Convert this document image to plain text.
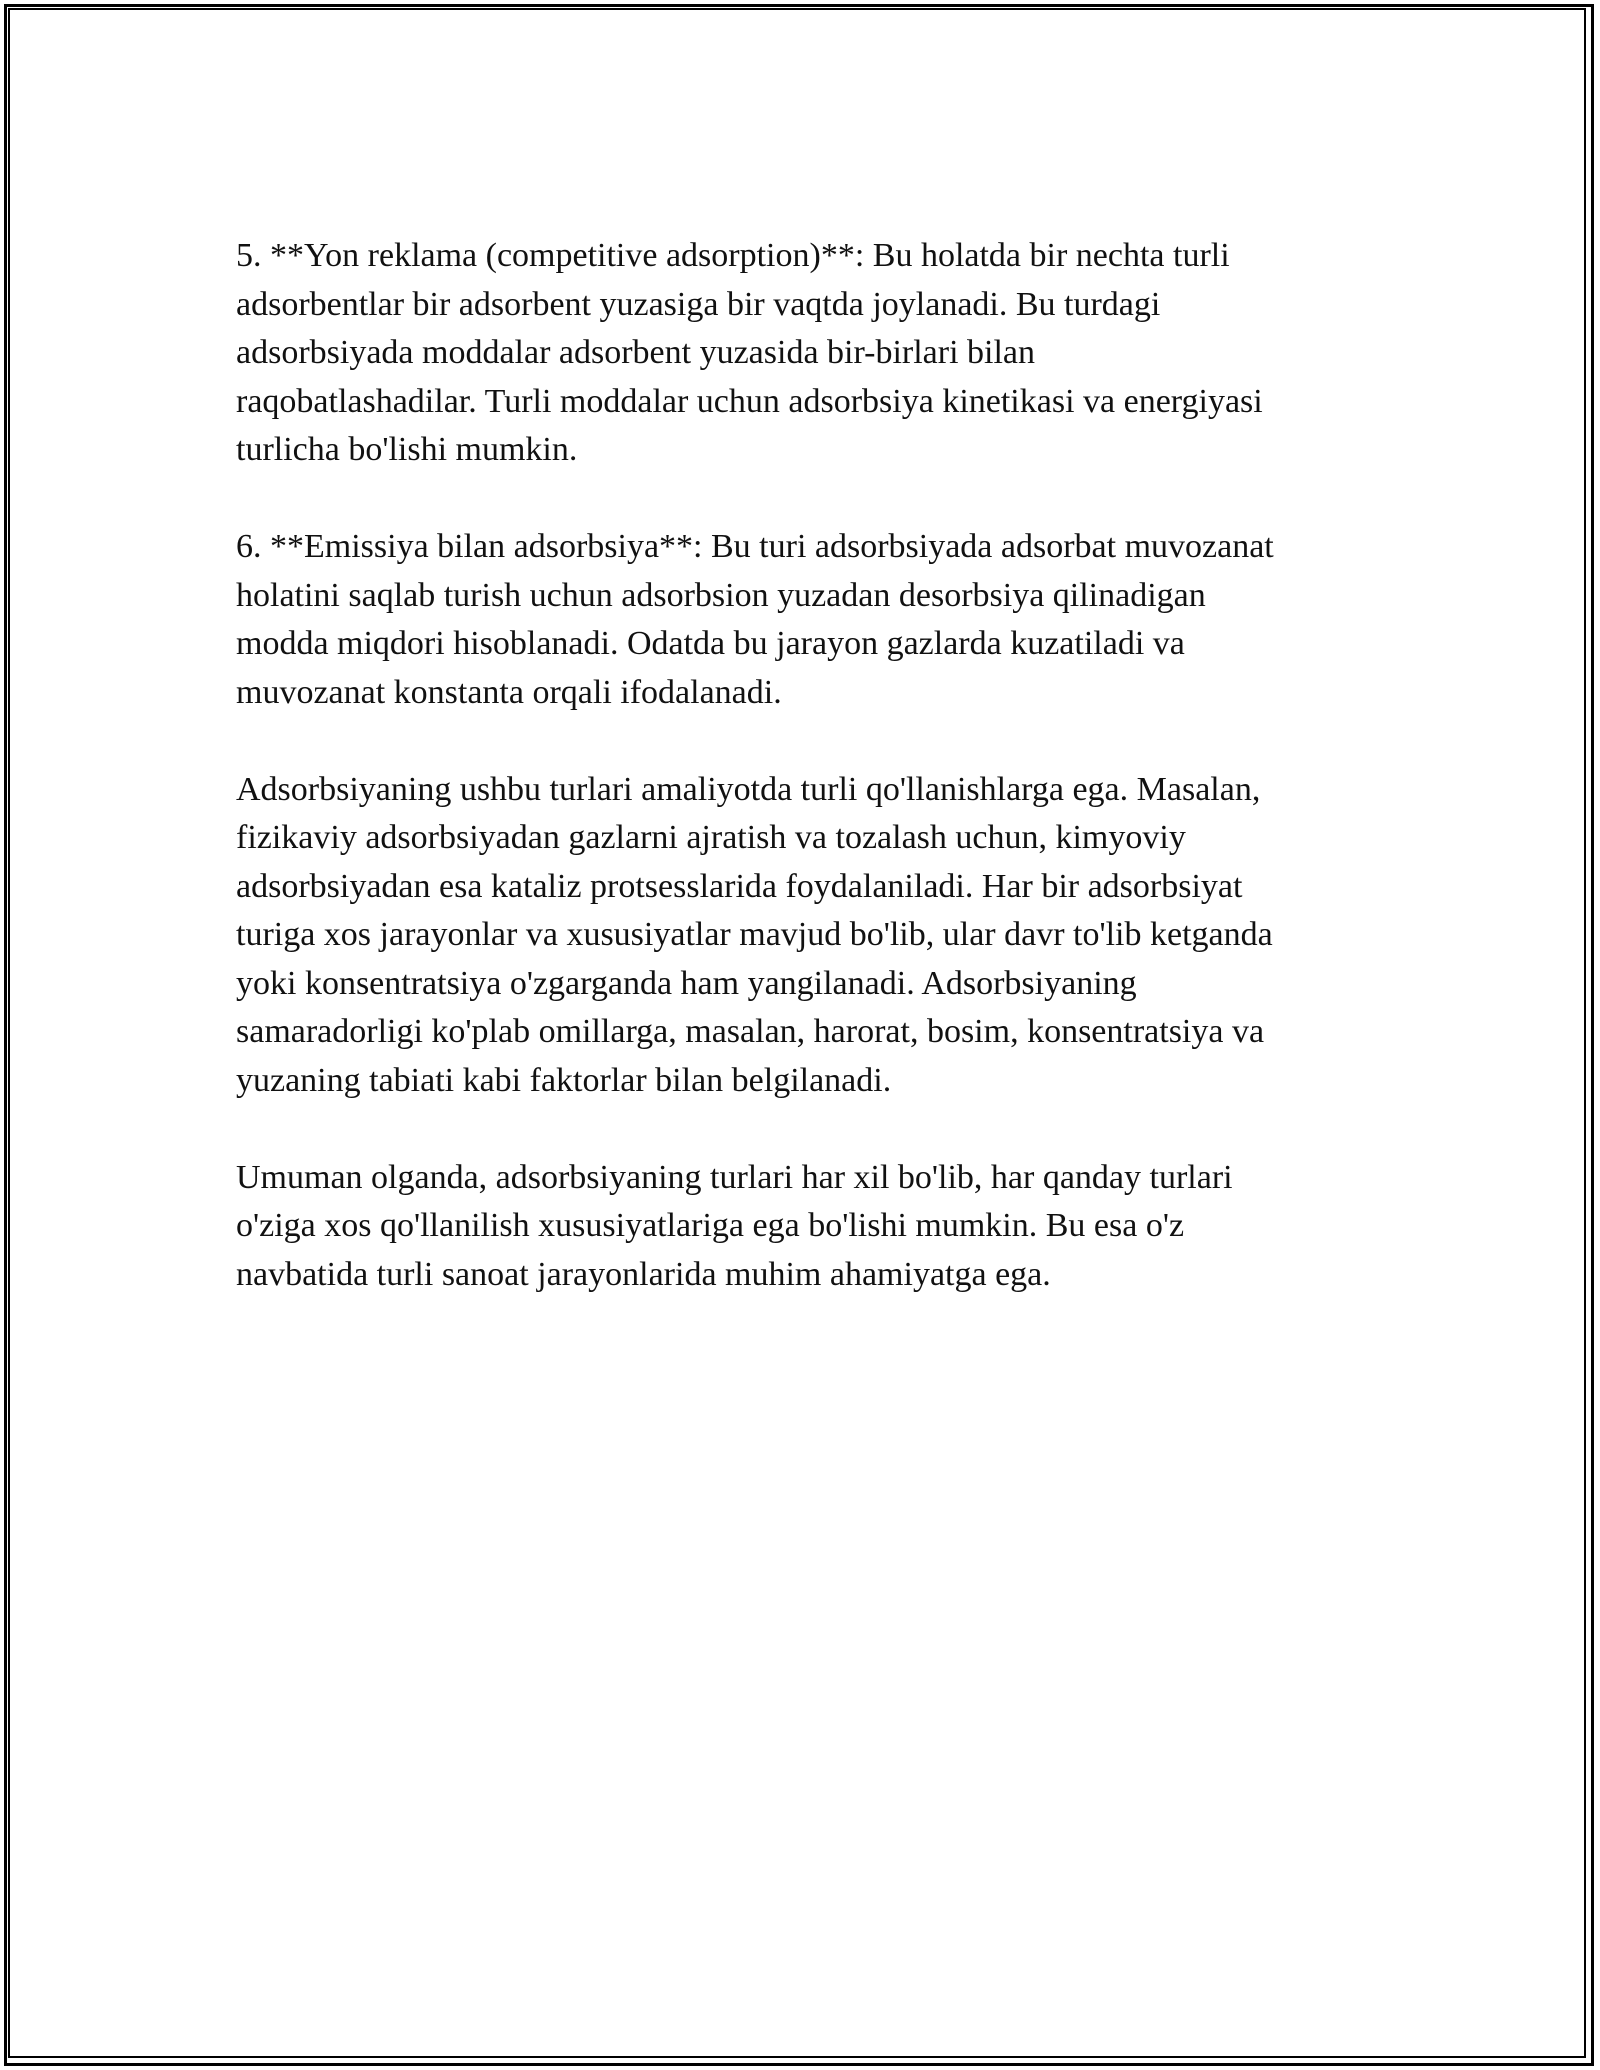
5. **Yon reklama (competitive adsorption)**: Bu holatda bir nechta turli
adsorbentlar bir adsorbent yuzasiga bir vaqtda joylanadi. Bu turdagi
adsorbsiyada moddalar adsorbent yuzasida bir-birlari bilan
raqobatlashadilar. Turli moddalar uchun adsorbsiya kinetikasi va energiyasi
turlicha bo'lishi mumkin.
6. **Emissiya bilan adsorbsiya**: Bu turi adsorbsiyada adsorbat muvozanat
holatini saqlab turish uchun adsorbsion yuzadan desorbsiya qilinadigan
modda miqdori hisoblanadi. Odatda bu jarayon gazlarda kuzatiladi va
muvozanat konstanta orqali ifodalanadi.
Adsorbsiyaning ushbu turlari amaliyotda turli qo'llanishlarga ega. Masalan,
fizikaviy adsorbsiyadan gazlarni ajratish va tozalash uchun, kimyoviy
adsorbsiyadan esa kataliz protsesslarida foydalaniladi. Har bir adsorbsiyat
turiga xos jarayonlar va xususiyatlar mavjud bo'lib, ular davr to'lib ketganda
yoki konsentratsiya o'zgarganda ham yangilanadi. Adsorbsiyaning
samaradorligi ko'plab omillarga, masalan, harorat, bosim, konsentratsiya va
yuzaning tabiati kabi faktorlar bilan belgilanadi.
Umuman olganda, adsorbsiyaning turlari har xil bo'lib, har qanday turlari
o'ziga xos qo'llanilish xususiyatlariga ega bo'lishi mumkin. Bu esa o'z
navbatida turli sanoat jarayonlarida muhim ahamiyatga ega.
